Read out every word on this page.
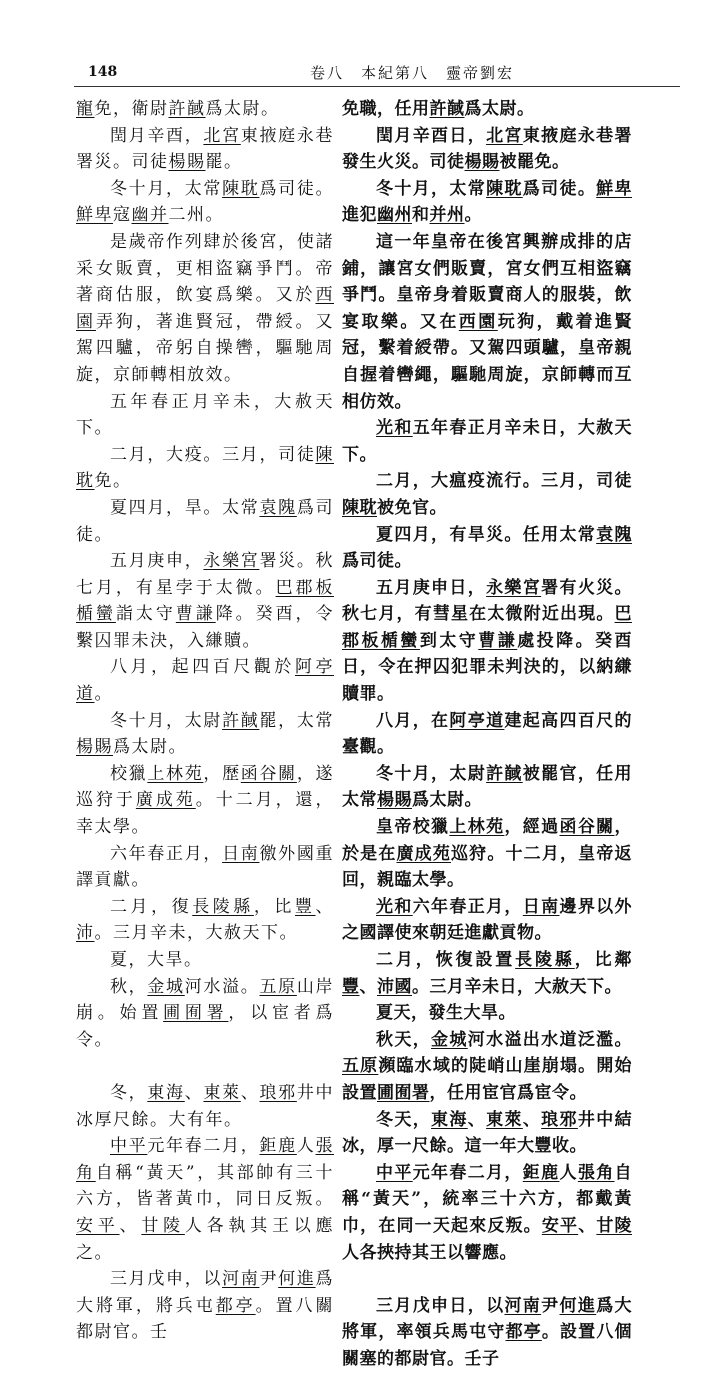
148	卷八　本紀第八　靈帝劉宏

寵免，衛尉許馘爲太尉。

閏月辛酉，北宮東掖庭永巷署災。司徒楊賜罷。

冬十月，太常陳耽爲司徒。鮮卑寇幽并二州。

是歲帝作列肆於後宮，使諸采女販賣，更相盜竊爭鬥。帝著商估服，飲宴爲樂。又於西園弄狗，著進賢冠，帶綬。又駕四驢，帝躬自操轡，驅馳周旋，京師轉相放效。

五年春正月辛未，大赦天下。

二月，大疫。三月，司徒陳耽免。

夏四月，旱。太常袁隗爲司徒。

五月庚申，永樂宮署災。秋七月，有星孛于太微。巴郡板楯蠻詣太守曹謙降。癸酉，令繫囚罪未決，入縑贖。

八月，起四百尺觀於阿亭道。

冬十月，太尉許馘罷，太常楊賜爲太尉。

校獵上林苑，歷函谷關，遂巡狩于廣成苑。十二月，還，幸太學。

六年春正月，日南徼外國重譯貢獻。

二月，復長陵縣，比豐、沛。三月辛未，大赦天下。

夏，大旱。

秋，金城河水溢。五原山岸崩。始置圃囿署，以宦者爲令。

冬，東海、東萊、琅邪井中冰厚尺餘。大有年。

中平元年春二月，鉅鹿人張角自稱“黃天”，其部帥有三十六方，皆著黃巾，同日反叛。安平、甘陵人各執其王以應之。

三月戊申，以河南尹何進爲大將軍，將兵屯都亭。置八關都尉官。壬

免職，任用許馘爲太尉。

閏月辛酉日，北宮東掖庭永巷署發生火災。司徒楊賜被罷免。

冬十月，太常陳耽爲司徒。鮮卑進犯幽州和并州。

這一年皇帝在後宮興辦成排的店鋪，讓宮女們販賣，宮女們互相盜竊爭鬥。皇帝身着販賣商人的服裝，飲宴取樂。又在西園玩狗，戴着進賢冠，繫着綬帶。又駕四頭驢，皇帝親自握着轡繩，驅馳周旋，京師轉而互相仿效。

光和五年春正月辛未日，大赦天下。

二月，大瘟疫流行。三月，司徒陳耽被免官。

夏四月，有旱災。任用太常袁隗爲司徒。

五月庚申日，永樂宮署有火災。秋七月，有彗星在太微附近出現。巴郡板楯蠻到太守曹謙處投降。癸酉日，令在押囚犯罪未判決的，以納縑贖罪。

八月，在阿亭道建起高四百尺的臺觀。

冬十月，太尉許馘被罷官，任用太常楊賜爲太尉。

皇帝校獵上林苑，經過函谷關，於是在廣成苑巡狩。十二月，皇帝返回，親臨太學。

光和六年春正月，日南邊界以外之國譯使來朝廷進獻貢物。

二月，恢復設置長陵縣，比鄰豐、沛國。三月辛未日，大赦天下。

夏天，發生大旱。

秋天，金城河水溢出水道泛濫。五原瀕臨水域的陡峭山崖崩塌。開始設置圃囿署，任用宦官爲宦令。

冬天，東海、東萊、琅邪井中結冰，厚一尺餘。這一年大豐收。

中平元年春二月，鉅鹿人張角自稱“黃天”，統率三十六方，都戴黃巾，在同一天起來反叛。安平、甘陵人各挾持其王以響應。

三月戊申日，以河南尹何進爲大將軍，率領兵馬屯守都亭。設置八個關塞的都尉官。壬子
